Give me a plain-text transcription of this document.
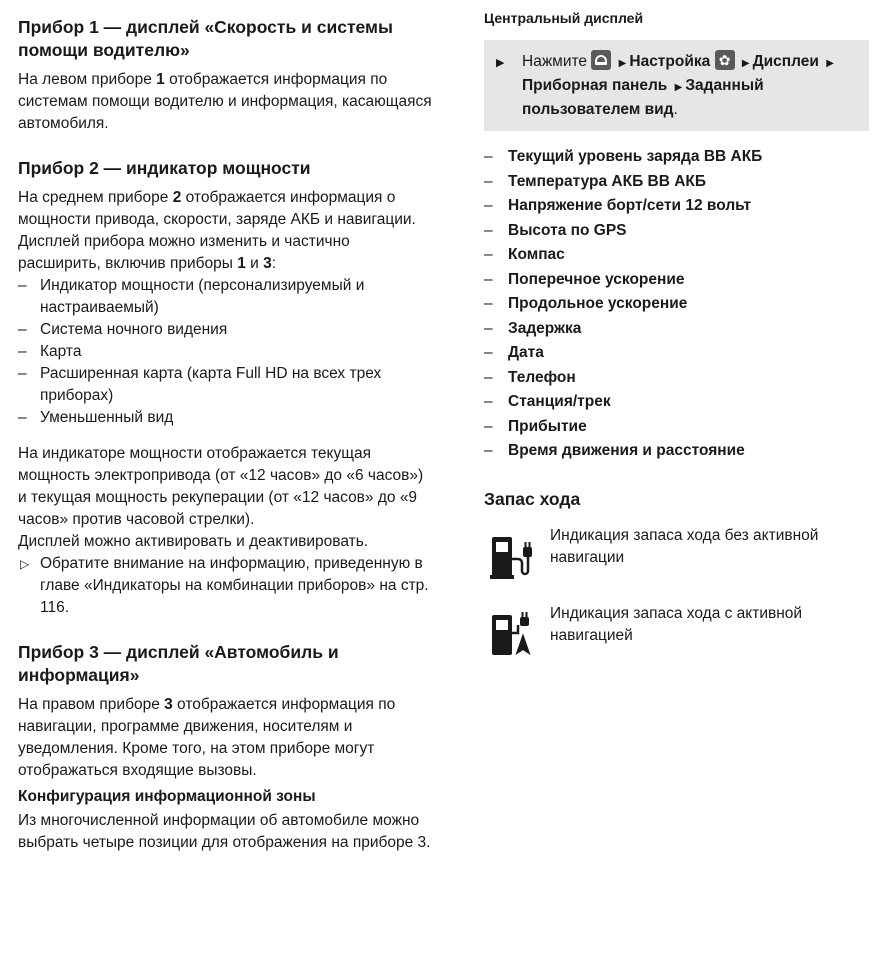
Прибор 1 — дисплей «Скорость и системы помощи водителю»

На левом приборе 1 отображается информация по системам помощи водителю и информация, касающаяся автомобиля.

Прибор 2 — индикатор мощности

На среднем приборе 2 отображается информация о мощности привода, скорости, заряде АКБ и навигации. Дисплей прибора можно изменить и частично расширить, включив приборы 1 и 3:

– Индикатор мощности (персонализируемый и настраиваемый)
– Система ночного видения
– Карта
– Расширенная карта (карта Full HD на всех трех приборах)
– Уменьшенный вид

На индикаторе мощности отображается текущая мощность электропривода (от «12 часов» до «6 часов») и текущая мощность рекуперации (от «12 часов» до «9 часов» против часовой стрелки).

Дисплей можно активировать и деактивировать.

▷ Обратите внимание на информацию, приведенную в главе «Индикаторы на комбинации приборов» на стр. 116.
Прибор 3 — дисплей «Автомобиль и информация»

На правом приборе 3 отображается информация по навигации, программе движения, носителям и уведомления. Кроме того, на этом приборе могут отображаться входящие вызовы.

Конфигурация информационной зоны

Из многочисленной информации об автомобиле можно выбрать четыре позиции для отображения на приборе 3.

Центральный дисплей
▶ Нажмите	▶ Настройка ✿	▶ Дисплеи ▶
Приборная панель ▶ Заданный пользователем вид.
– Текущий уровень заряда ВВ АКБ
– Температура АКБ ВВ АКБ
– Напряжение борт/сети 12 вольт
– Высота по GPS
– Компас
– Поперечное ускорение
– Продольное ускорение
– Задержка
– Дата
– Телефон
– Станция/трек
– Прибытие
– Время движения и расстояние
Запас хода
Индикация запаса хода без активной навигации
Индикация запаса хода с активной навигацией
